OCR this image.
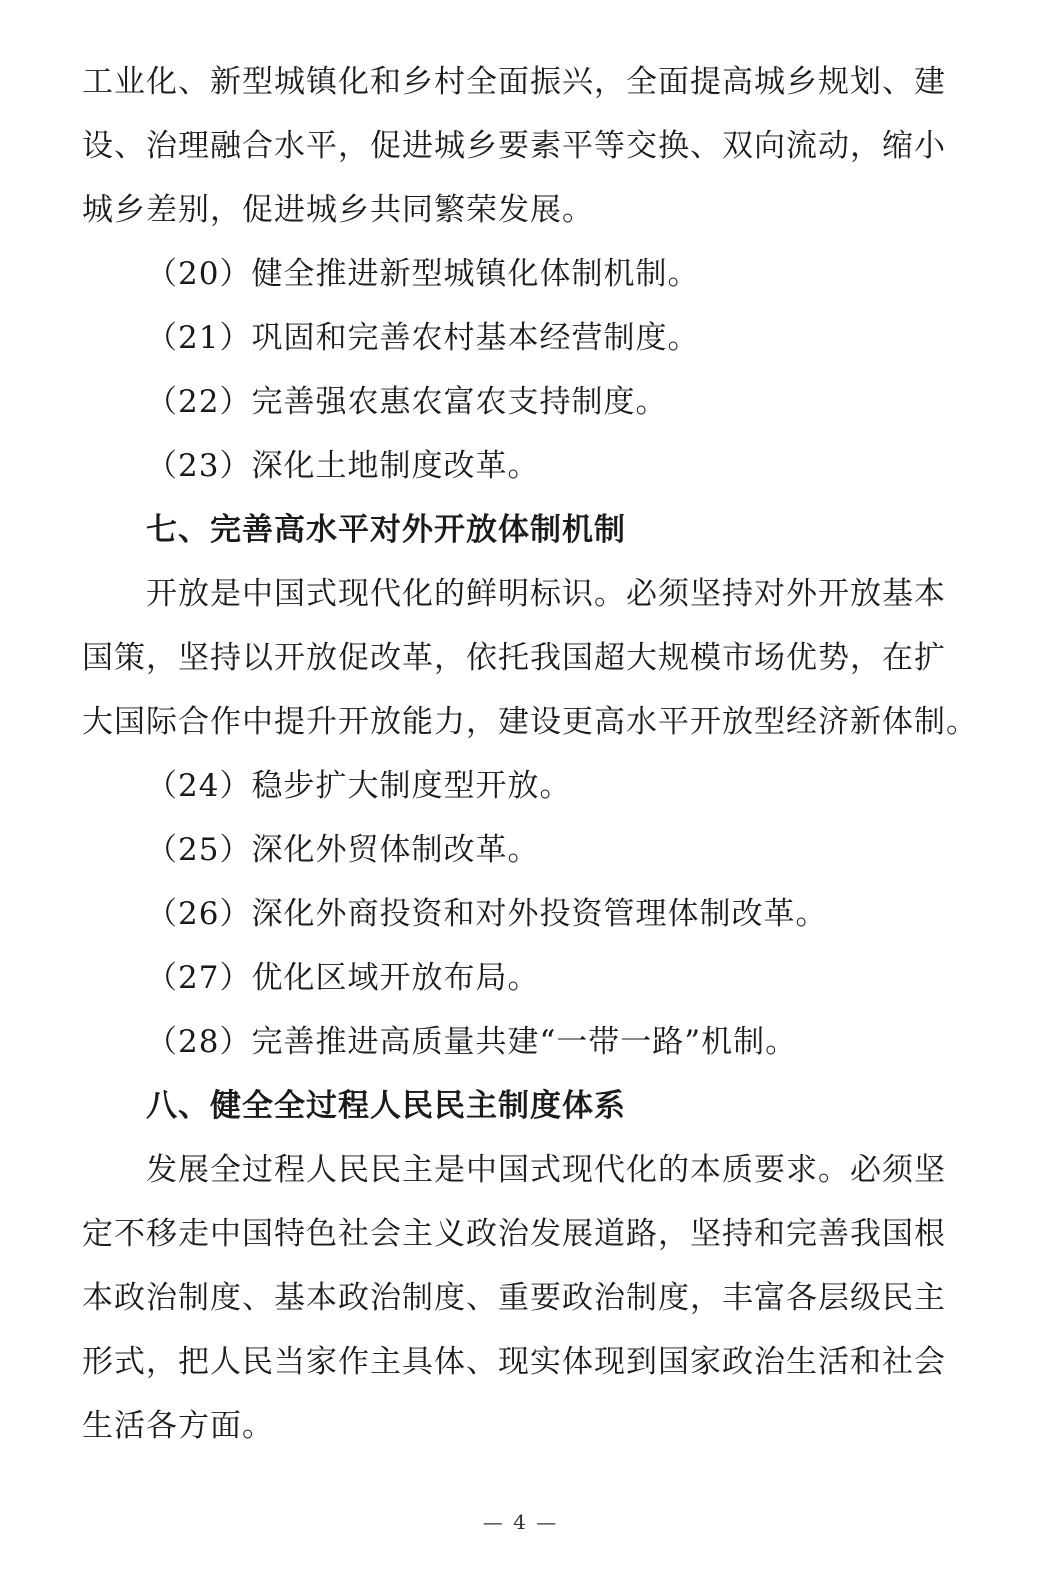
工业化、新型城镇化和乡村全面振兴，全面提高城乡规划、建
设、治理融合水平，促进城乡要素平等交换、双向流动，缩小
城乡差别，促进城乡共同繁荣发展。
（20）健全推进新型城镇化体制机制。
（21）巩固和完善农村基本经营制度。
（22）完善强农惠农富农支持制度。
（23）深化土地制度改革。
七、完善高水平对外开放体制机制
开放是中国式现代化的鲜明标识。必须坚持对外开放基本
国策，坚持以开放促改革，依托我国超大规模市场优势，在扩
大国际合作中提升开放能力，建设更高水平开放型经济新体制。
（24）稳步扩大制度型开放。
（25）深化外贸体制改革。
（26）深化外商投资和对外投资管理体制改革。
（27）优化区域开放布局。
（28）完善推进高质量共建“一带一路”机制。
八、健全全过程人民民主制度体系
发展全过程人民民主是中国式现代化的本质要求。必须坚
定不移走中国特色社会主义政治发展道路，坚持和完善我国根
本政治制度、基本政治制度、重要政治制度，丰富各层级民主
形式，把人民当家作主具体、现实体现到国家政治生活和社会
生活各方面。
— 4 —
